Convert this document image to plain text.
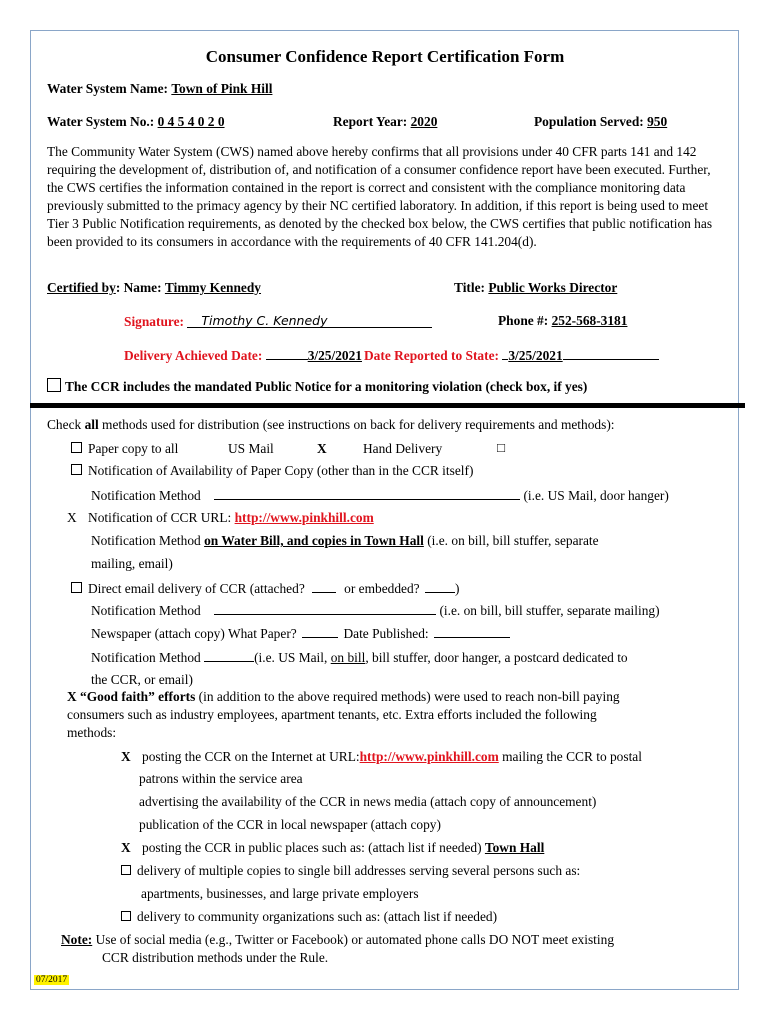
Consumer Confidence Report Certification Form
Water System Name: Town of Pink Hill
Water System No.: 0 4 5 4 0 2 0	Report Year: 2020	Population Served: 950
The Community Water System (CWS) named above hereby confirms that all provisions under 40 CFR parts 141 and 142 requiring the development of, distribution of, and notification of a consumer confidence report have been executed. Further, the CWS certifies the information contained in the report is correct and consistent with the compliance monitoring data previously submitted to the primacy agency by their NC certified laboratory. In addition, if this report is being used to meet Tier 3 Public Notification requirements, as denoted by the checked box below, the CWS certifies that public notification has been provided to its consumers in accordance with the requirements of 40 CFR 141.204(d).
Certified by: Name: Timmy Kennedy	Title: Public Works Director
Signature: Timothy C. Kennedy	Phone #: 252-568-3181
Delivery Achieved Date:	3/25/2021 Date Reported to State: 3/25/2021
The CCR includes the mandated Public Notice for a monitoring violation (check box, if yes)
Check all methods used for distribution (see instructions on back for delivery requirements and methods):
Paper copy to all	US Mail	X	Hand Delivery	□
Notification of Availability of Paper Copy (other than in the CCR itself)
Notification Method	(i.e. US Mail, door hanger)
X Notification of CCR URL: http://www.pinkhill.com
Notification Method on Water Bill, and copies in Town Hall (i.e. on bill, bill stuffer, separate
mailing, email)
Direct email delivery of CCR (attached?	or embedded?	)
Notification Method	(i.e. on bill, bill stuffer, separate mailing)
Newspaper (attach copy) What Paper?	Date Published:
Notification Method	(i.e. US Mail, on bill, bill stuffer, door hanger, a postcard dedicated to
the CCR, or email)
X “Good faith” efforts (in addition to the above required methods) were used to reach non-bill paying
consumers such as industry employees, apartment tenants, etc. Extra efforts included the following
methods:
X posting the CCR on the Internet at URL:http://www.pinkhill.com mailing the CCR to postal
patrons within the service area
advertising the availability of the CCR in news media (attach copy of announcement)
publication of the CCR in local newspaper (attach copy)
X posting the CCR in public places such as: (attach list if needed) Town Hall
delivery of multiple copies to single bill addresses serving several persons such as:
apartments, businesses, and large private employers
delivery to community organizations such as: (attach list if needed)
Note: Use of social media (e.g., Twitter or Facebook) or automated phone calls DO NOT meet existing
CCR distribution methods under the Rule.
07/2017
